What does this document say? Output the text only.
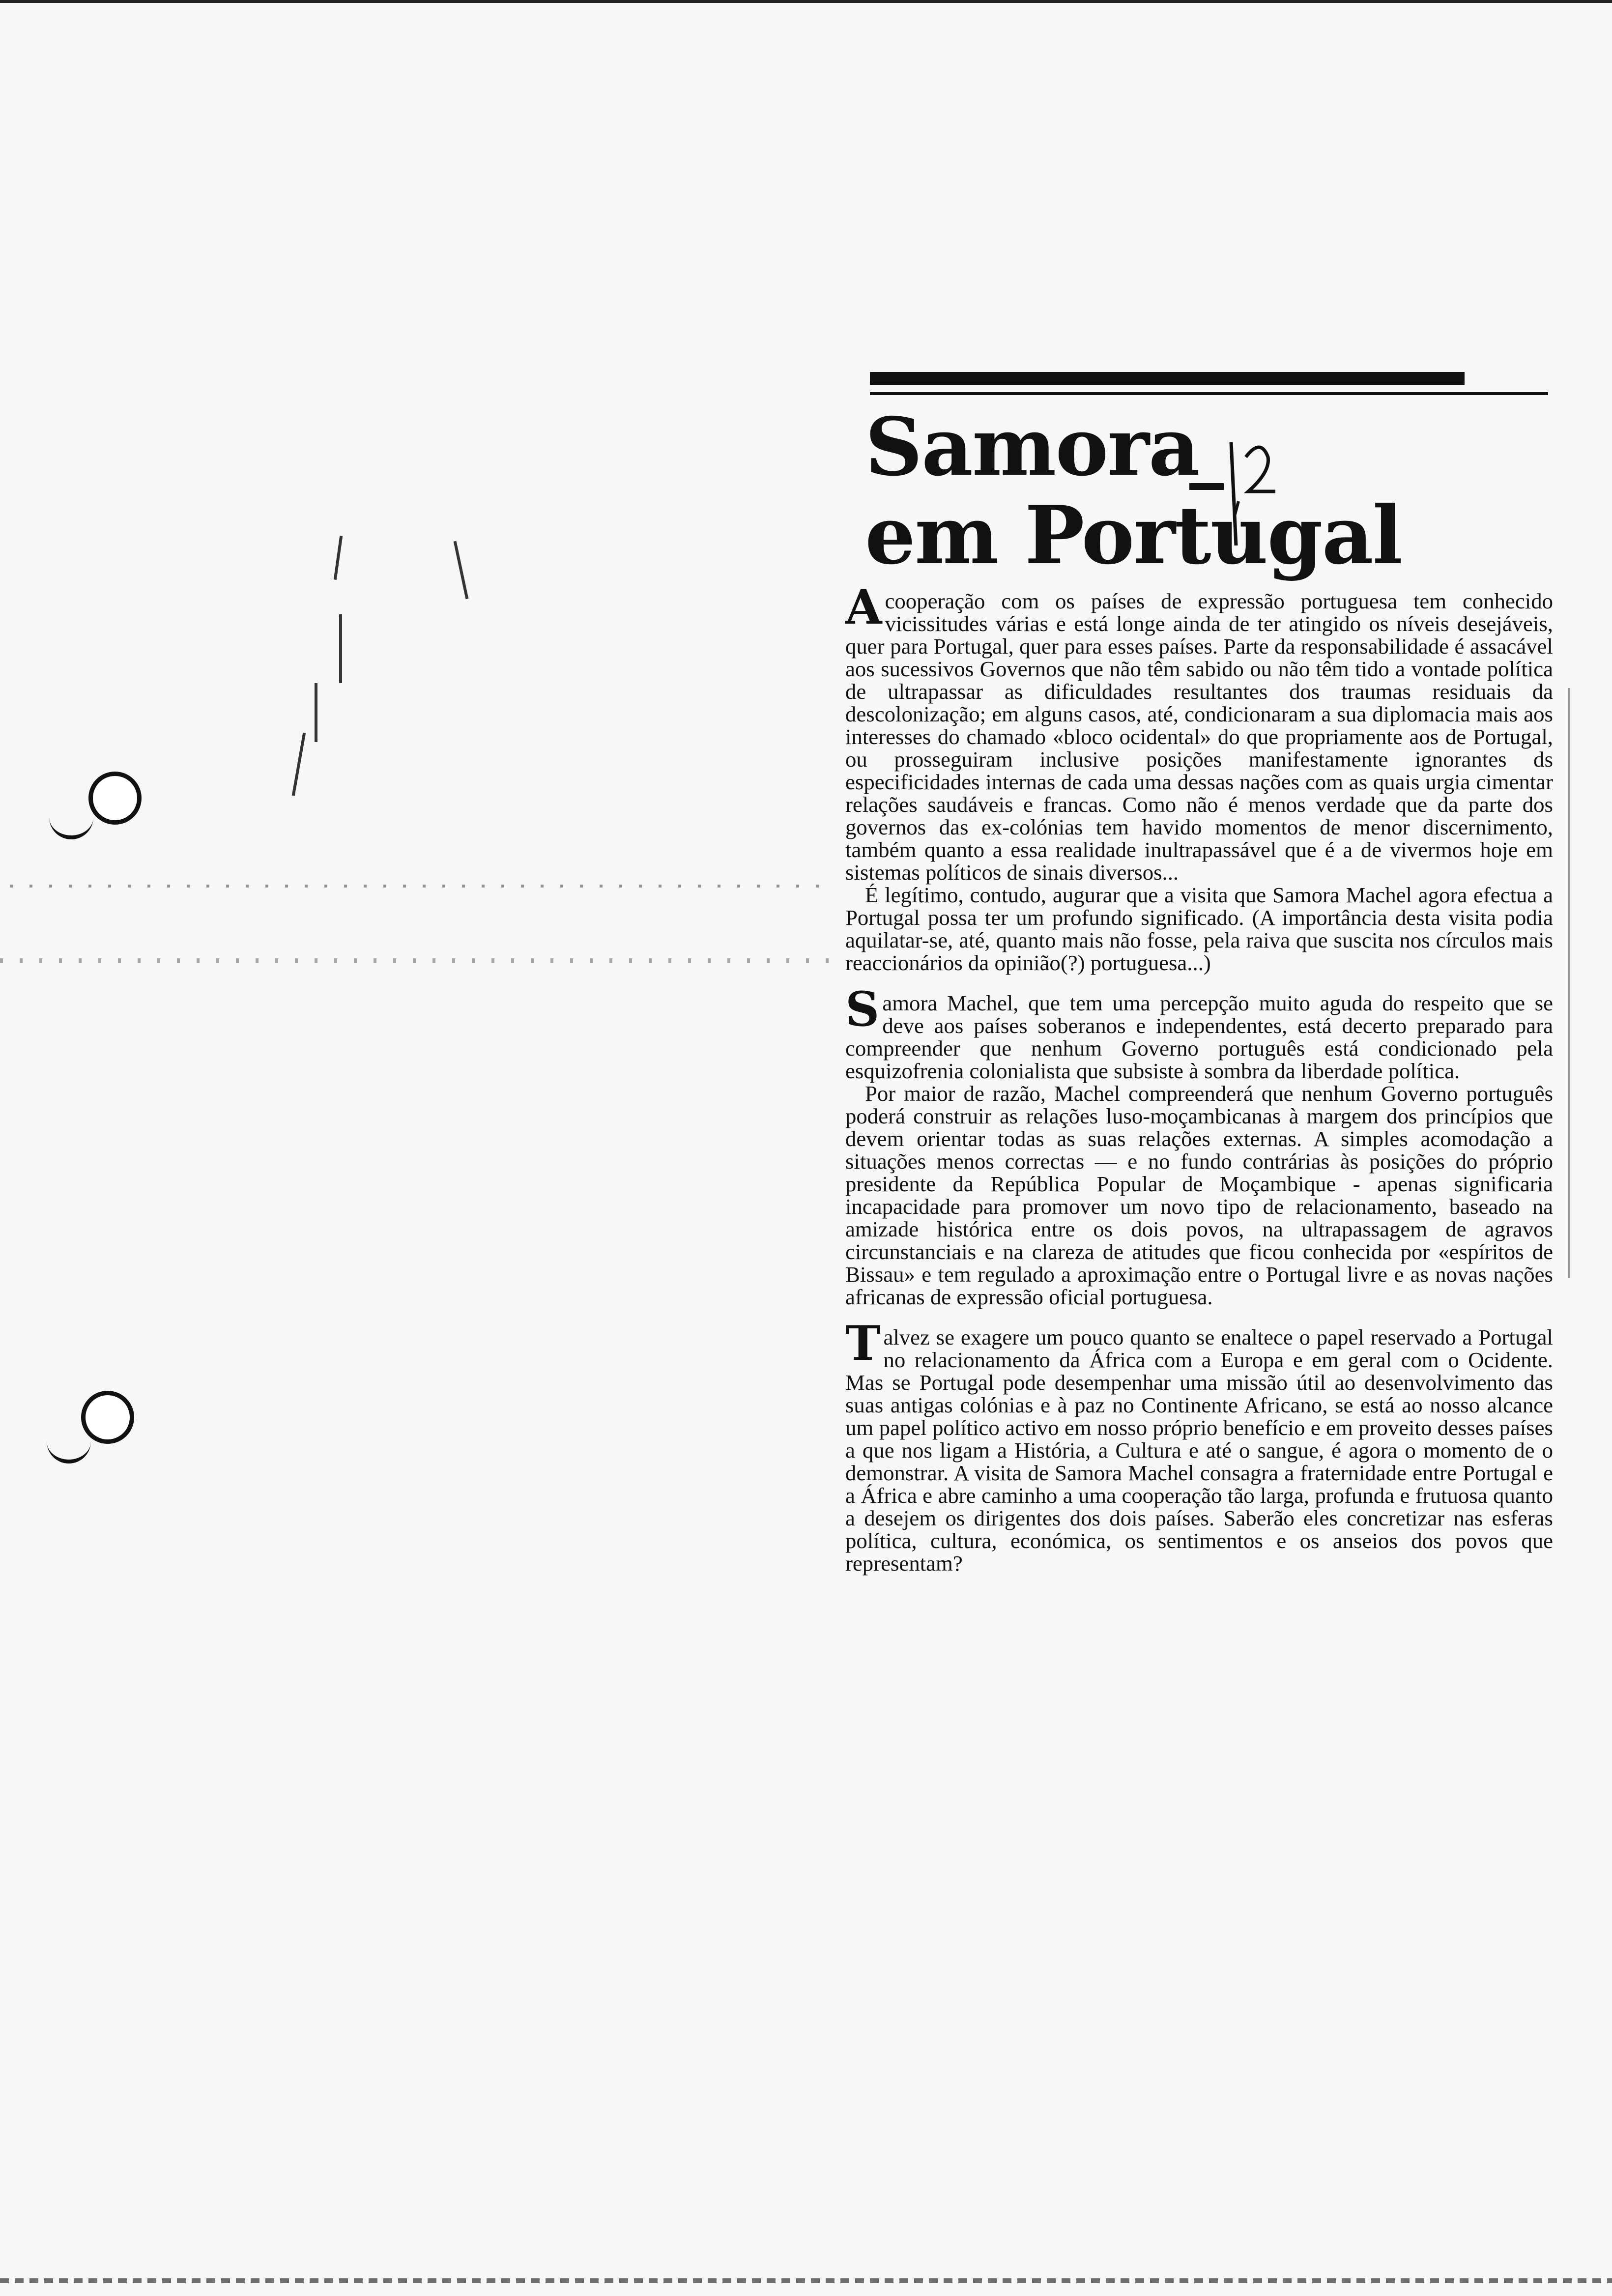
Samora
em Portugal

Acooperação com os países de expressão portuguesa tem conhecido vicissitudes várias e está longe ainda de ter atingido os níveis desejáveis, quer para Portugal, quer para esses países. Parte da responsabilidade é assacável aos sucessivos Governos que não têm sabido ou não têm tido a vontade política de ultrapassar as dificuldades resultantes dos traumas residuais da descolonização; em alguns casos, até, condicionaram a sua diplomacia mais aos interesses do chamado «bloco ocidental» do que propriamente aos de Portugal, ou prosseguiram inclusive posições manifestamente ignorantes ds especificidades internas de cada uma dessas nações com as quais urgia cimentar relações saudáveis e francas. Como não é menos verdade que da parte dos governos das ex-colónias tem havido momentos de menor discernimento, também quanto a essa realidade inultrapassável que é a de vivermos hoje em sistemas políticos de sinais diversos...

É legítimo, contudo, augurar que a visita que Samora Machel agora efectua a Portugal possa ter um profundo significado. (A importância desta visita podia aquilatar-se, até, quanto mais não fosse, pela raiva que suscita nos círculos mais reaccionários da opinião(?) portuguesa...)

Samora Machel, que tem uma percepção muito aguda do respeito que se deve aos países soberanos e independentes, está decerto preparado para compreender que nenhum Governo português está condicionado pela esquizofrenia colonialista que subsiste à sombra da liberdade política.

Por maior de razão, Machel compreenderá que nenhum Governo português poderá construir as relações luso-moçambicanas à margem dos princípios que devem orientar todas as suas relações externas. A simples acomodação a situações menos correctas — e no fundo contrárias às posições do próprio presidente da República Popular de Moçambique - apenas significaria incapacidade para promover um novo tipo de relacionamento, baseado na amizade histórica entre os dois povos, na ultrapassagem de agravos circunstanciais e na clareza de atitudes que ficou conhecida por «espíritos de Bissau» e tem regulado a aproximação entre o Portugal livre e as novas nações africanas de expressão oficial portuguesa.

Talvez se exagere um pouco quanto se enaltece o papel reservado a Portugal no relacionamento da África com a Europa e em geral com o Ocidente. Mas se Portugal pode desempenhar uma missão útil ao desenvolvimento das suas antigas colónias e à paz no Continente Africano, se está ao nosso alcance um papel político activo em nosso próprio benefício e em proveito desses países a que nos ligam a História, a Cultura e até o sangue, é agora o momento de o demonstrar. A visita de Samora Machel consagra a fraternidade entre Portugal e a África e abre caminho a uma cooperação tão larga, profunda e frutuosa quanto a desejem os dirigentes dos dois países. Saberão eles concretizar nas esferas política, cultura, económica, os sentimentos e os anseios dos povos que representam?
